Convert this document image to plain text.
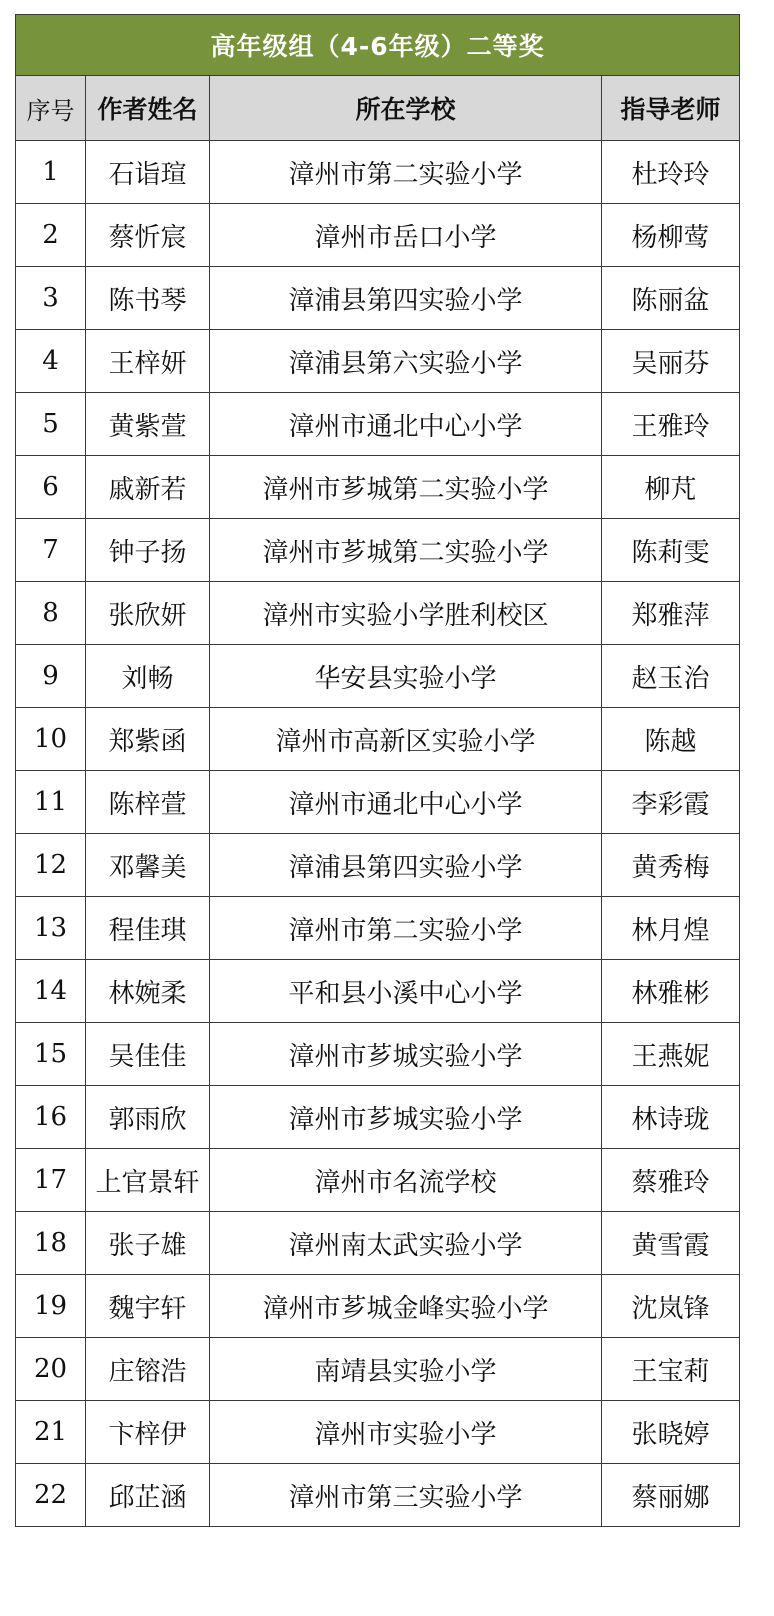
高年级组（4-6年级）二等奖			
序号	作者姓名	所在学校	指导老师
1	石诣瑄	漳州市第二实验小学	杜玲玲
2	蔡忻宸	漳州市岳口小学	杨柳莺
3	陈书琴	漳浦县第四实验小学	陈丽盆
4	王梓妍	漳浦县第六实验小学	吴丽芬
5	黄紫萱	漳州市通北中心小学	王雅玲
6	戚新若	漳州市芗城第二实验小学	柳芃
7	钟子扬	漳州市芗城第二实验小学	陈莉雯
8	张欣妍	漳州市实验小学胜利校区	郑雅萍
9	刘畅	华安县实验小学	赵玉治
10	郑紫函	漳州市高新区实验小学	陈越
11	陈梓萱	漳州市通北中心小学	李彩霞
12	邓馨美	漳浦县第四实验小学	黄秀梅
13	程佳琪	漳州市第二实验小学	林月煌
14	林婉柔	平和县小溪中心小学	林雅彬
15	吴佳佳	漳州市芗城实验小学	王燕妮
16	郭雨欣	漳州市芗城实验小学	林诗珑
17	上官景轩	漳州市名流学校	蔡雅玲
18	张子雄	漳州南太武实验小学	黄雪霞
19	魏宇轩	漳州市芗城金峰实验小学	沈岚锋
20	庄镕浩	南靖县实验小学	王宝莉
21	卞梓伊	漳州市实验小学	张晓婷
22	邱芷涵	漳州市第三实验小学	蔡丽娜
